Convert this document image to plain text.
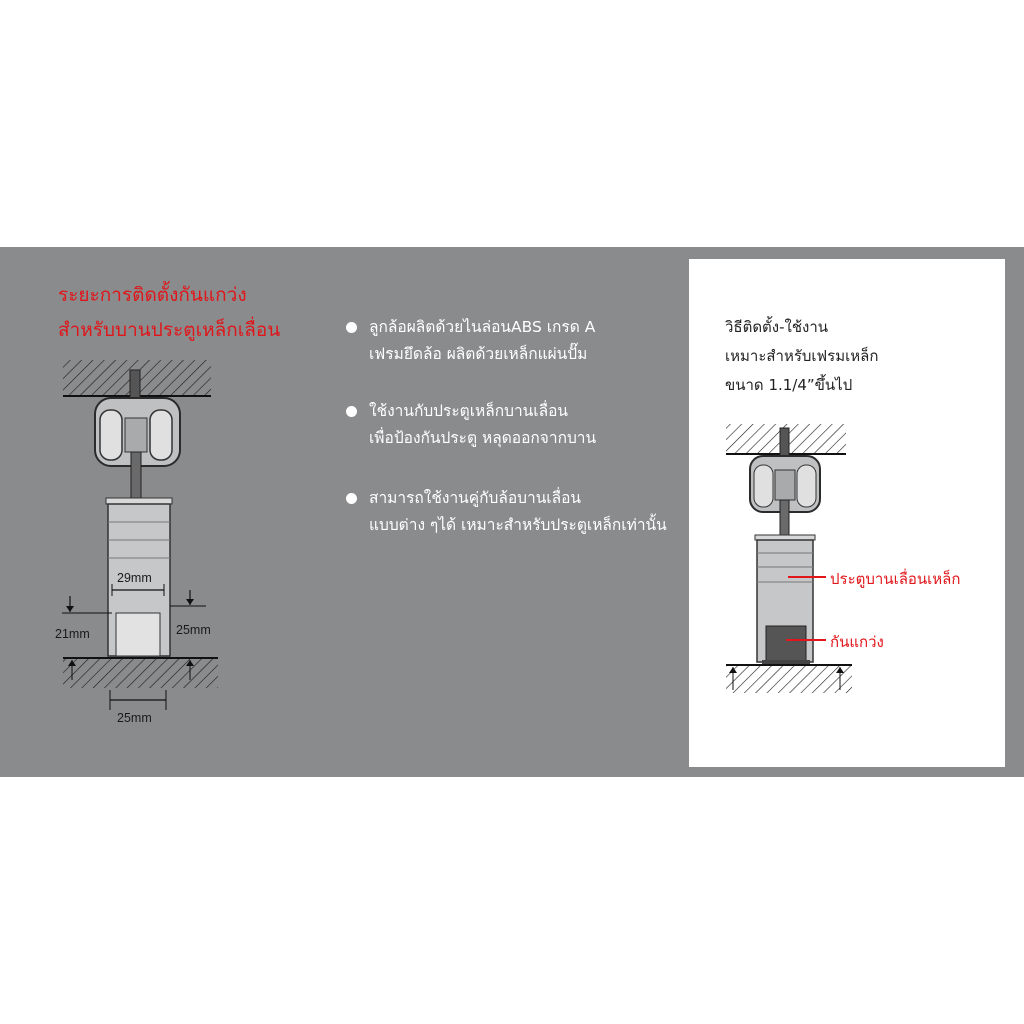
ระยะการติดตั้งกันแกว่ง
สำหรับบานประตูเหล็กเลื่อน
29mm
21mm	25mm
25mm
ลูกล้อผลิตด้วยไนล่อนABS เกรด A
เฟรมยึดล้อ ผลิตด้วยเหล็กแผ่นปั๊ม
ใช้งานกับประตูเหล็กบานเลื่อน
เพื่อป้องกันประตู หลุดออกจากบาน
สามารถใช้งานคู่กับล้อบานเลื่อน
แบบต่าง ๆได้ เหมาะสำหรับประตูเหล็กเท่านั้น
วิธีติดตั้ง-ใช้งาน
เหมาะสำหรับเฟรมเหล็ก
ขนาด 1.1/4”ขึ้นไป
ประตูบานเลื่อนเหล็ก
กันแกว่ง
